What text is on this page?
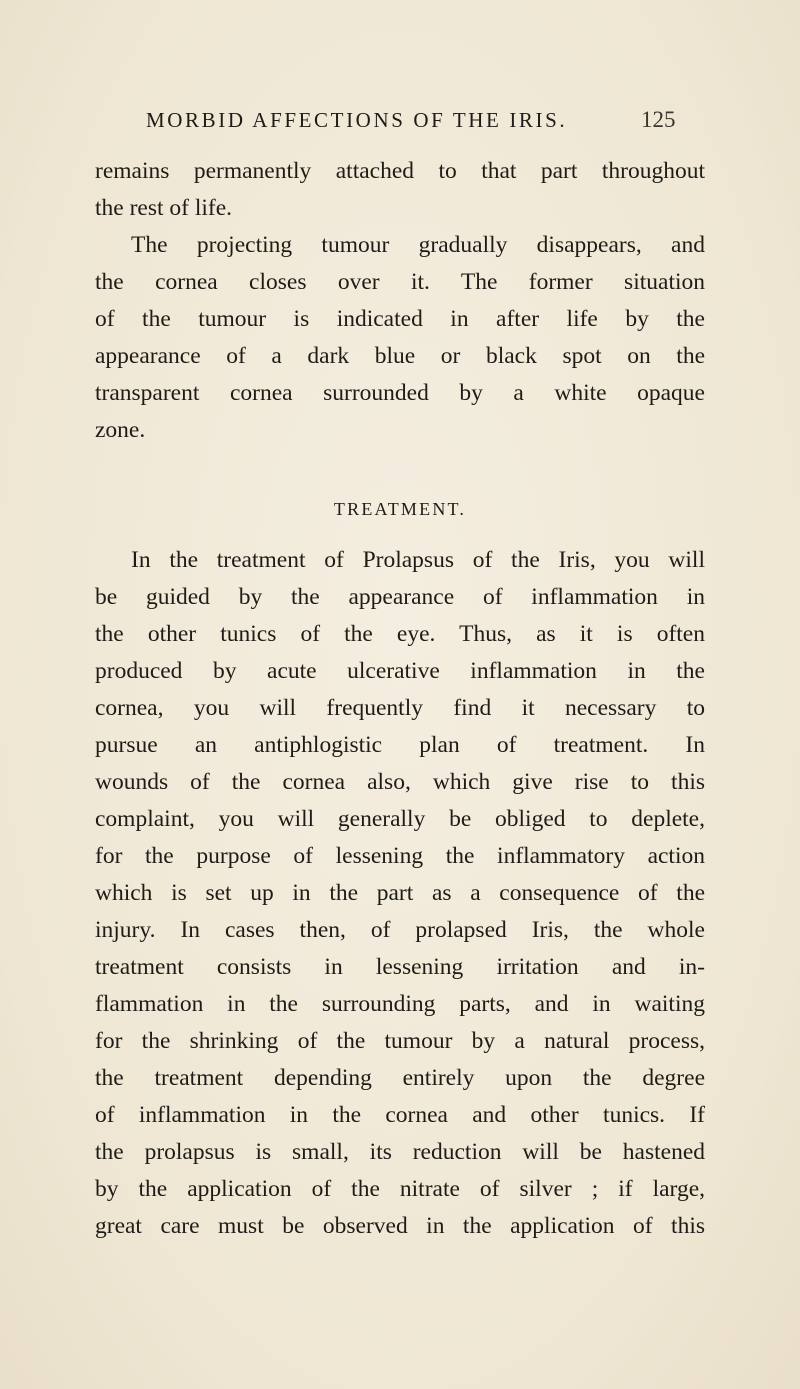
MORBID AFFECTIONS OF THE IRIS.	125
remains permanently attached to that part throughout
the rest of life.
The projecting tumour gradually disappears, and
the cornea closes over it. The former situation
of the tumour is indicated in after life by the
appearance of a dark blue or black spot on the
transparent cornea surrounded by a white opaque
zone.
TREATMENT.
In the treatment of Prolapsus of the Iris, you will
be guided by the appearance of inflammation in
the other tunics of the eye. Thus, as it is often
produced by acute ulcerative inflammation in the
cornea, you will frequently find it necessary to
pursue an antiphlogistic plan of treatment. In
wounds of the cornea also, which give rise to this
complaint, you will generally be obliged to deplete,
for the purpose of lessening the inflammatory action
which is set up in the part as a consequence of the
injury. In cases then, of prolapsed Iris, the whole
treatment consists in lessening irritation and in-
flammation in the surrounding parts, and in waiting
for the shrinking of the tumour by a natural process,
the treatment depending entirely upon the degree
of inflammation in the cornea and other tunics. If
the prolapsus is small, its reduction will be hastened
by the application of the nitrate of silver ; if large,
great care must be observed in the application of this
